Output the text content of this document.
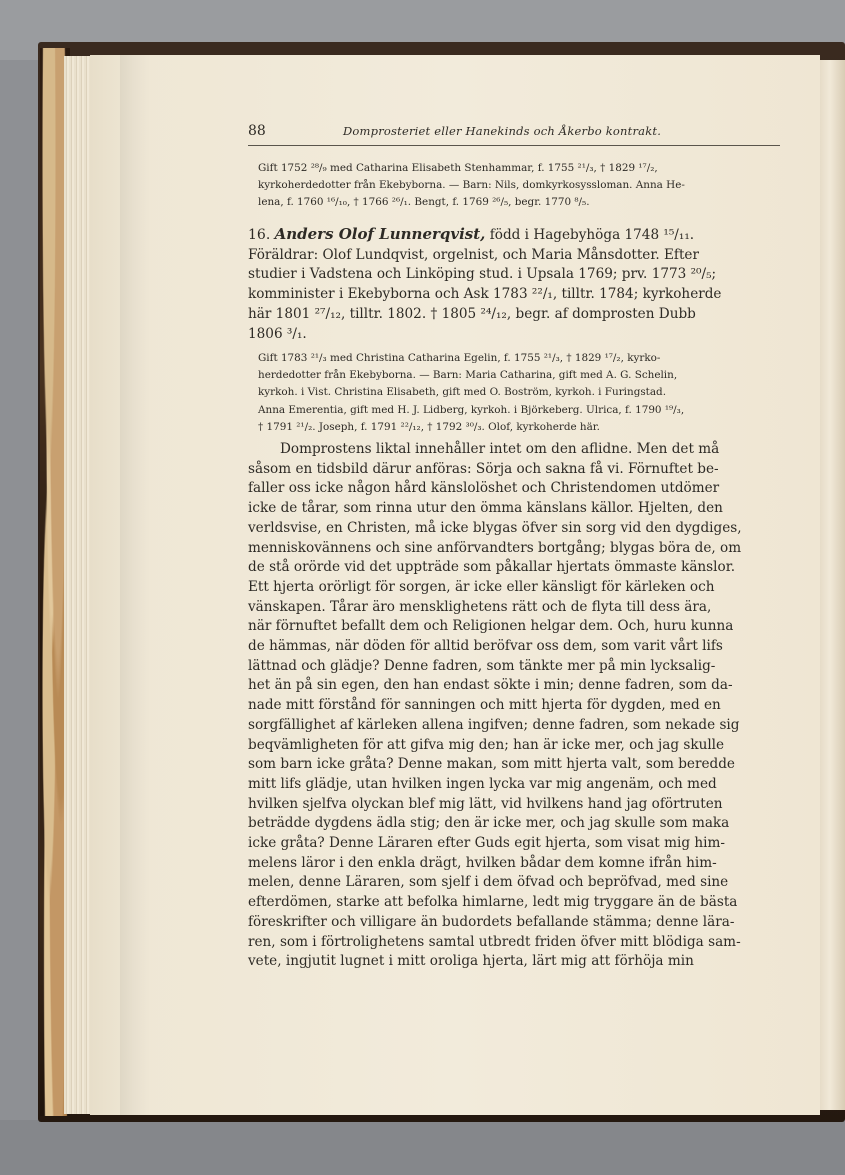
88	Domprosteriet eller Hanekinds och Åkerbo kontrakt.
Gift 1752 ²⁸/₉ med Catharina Elisabeth Stenhammar, f. 1755 ²¹/₃, † 1829 ¹⁷/₂,
kyrkoherdedotter från Ekebyborna. — Barn: Nils, domkyrkosyssloman. Anna He-
lena, f. 1760 ¹⁶/₁₀, † 1766 ²⁶/₁. Bengt, f. 1769 ²⁶/₅, begr. 1770 ⁸/₅.
16. Anders Olof Lunnerqvist, född i Hagebyhöga 1748 ¹⁵/₁₁.
Föräldrar: Olof Lundqvist, orgelnist, och Maria Månsdotter. Efter
studier i Vadstena och Linköping stud. i Upsala 1769; prv. 1773 ²⁰/₅;
komminister i Ekebyborna och Ask 1783 ²²/₁, tilltr. 1784; kyrkoherde
här 1801 ²⁷/₁₂, tilltr. 1802. † 1805 ²⁴/₁₂, begr. af domprosten Dubb
1806 ³/₁.
Gift 1783 ²¹/₃ med Christina Catharina Egelin, f. 1755 ²¹/₃, † 1829 ¹⁷/₂, kyrko-
herdedotter från Ekebyborna. — Barn: Maria Catharina, gift med A. G. Schelin,
kyrkoh. i Vist. Christina Elisabeth, gift med O. Boström, kyrkoh. i Furingstad.
Anna Emerentia, gift med H. J. Lidberg, kyrkoh. i Björkeberg. Ulrica, f. 1790 ¹⁹/₃,
† 1791 ²¹/₂. Joseph, f. 1791 ²²/₁₂, † 1792 ³⁰/₃. Olof, kyrkoherde här.
Domprostens liktal innehåller intet om den aflidne. Men det må
såsom en tidsbild därur anföras: Sörja och sakna få vi. Förnuftet be-
faller oss icke någon hård känslolöshet och Christendomen utdömer
icke de tårar, som rinna utur den ömma känslans källor. Hjelten, den
verldsvise, en Christen, må icke blygas öfver sin sorg vid den dygdiges,
menniskovännens och sine anförvandters bortgång; blygas böra de, om
de stå orörde vid det uppträde som påkallar hjertats ömmaste känslor.
Ett hjerta orörligt för sorgen, är icke eller känsligt för kärleken och
vänskapen. Tårar äro mensklighetens rätt och de flyta till dess ära,
när förnuftet befallt dem och Religionen helgar dem. Och, huru kunna
de hämmas, när döden för alltid beröfvar oss dem, som varit vårt lifs
lättnad och glädje? Denne fadren, som tänkte mer på min lycksalig-
het än på sin egen, den han endast sökte i min; denne fadren, som da-
nade mitt förstånd för sanningen och mitt hjerta för dygden, med en
sorgfällighet af kärleken allena ingifven; denne fadren, som nekade sig
beqvämligheten för att gifva mig den; han är icke mer, och jag skulle
som barn icke gråta? Denne makan, som mitt hjerta valt, som beredde
mitt lifs glädje, utan hvilken ingen lycka var mig angenäm, och med
hvilken sjelfva olyckan blef mig lätt, vid hvilkens hand jag oförtruten
beträdde dygdens ädla stig; den är icke mer, och jag skulle som maka
icke gråta? Denne Läraren efter Guds egit hjerta, som visat mig him-
melens läror i den enkla drägt, hvilken bådar dem komne ifrån him-
melen, denne Läraren, som sjelf i dem öfvad och bepröfvad, med sine
efterdömen, starke att befolka himlarne, ledt mig tryggare än de bästa
föreskrifter och villigare än budordets befallande stämma; denne lära-
ren, som i förtrolighetens samtal utbredt friden öfver mitt blödiga sam-
vete, ingjutit lugnet i mitt oroliga hjerta, lärt mig att förhöja min
